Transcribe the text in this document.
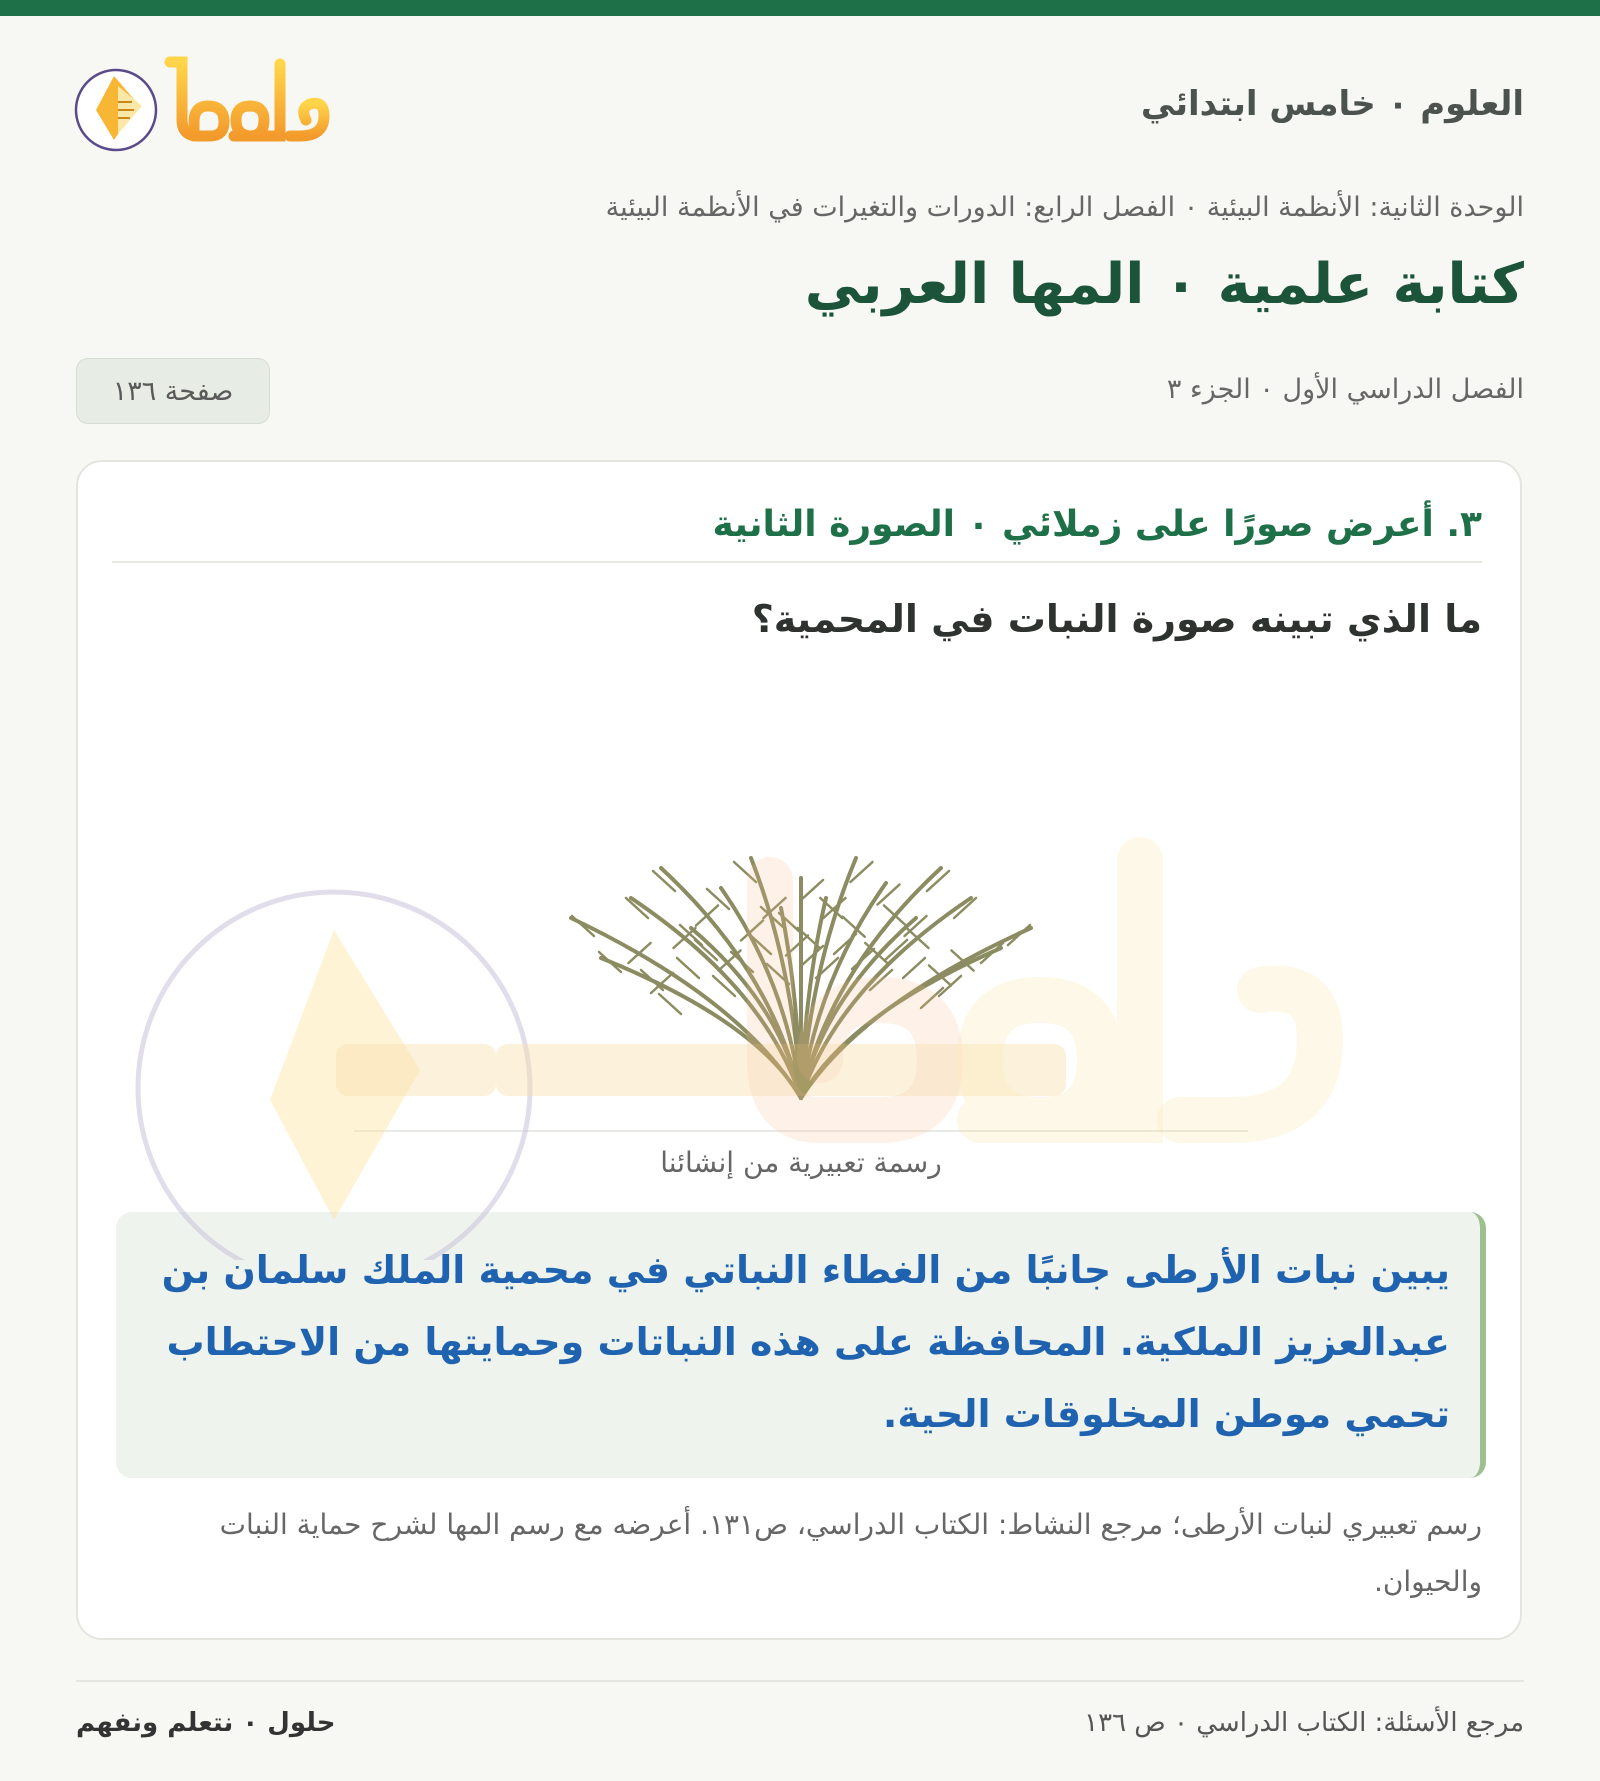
العلوم ٠ خامس ابتدائي
الوحدة الثانية: الأنظمة البيئية ٠ الفصل الرابع: الدورات والتغيرات في الأنظمة البيئية
كتابة علمية ٠ المها العربي
الفصل الدراسي الأول ٠ الجزء ٣
صفحة ١٣٦
٣. أعرض صورًا على زملائي ٠ الصورة الثانية
ما الذي تبينه صورة النبات في المحمية؟
رسمة تعبيرية من إنشائنا
يبين نبات الأرطى جانبًا من الغطاء النباتي في محمية الملك سلمان بن عبدالعزيز الملكية. المحافظة على هذه النباتات وحمايتها من الاحتطاب تحمي موطن المخلوقات الحية.
رسم تعبيري لنبات الأرطى؛ مرجع النشاط: الكتاب الدراسي، ص١٣١. أعرضه مع رسم المها لشرح حماية النبات والحيوان.
مرجع الأسئلة: الكتاب الدراسي ٠ ص ١٣٦
حلول ٠ نتعلم ونفهم
